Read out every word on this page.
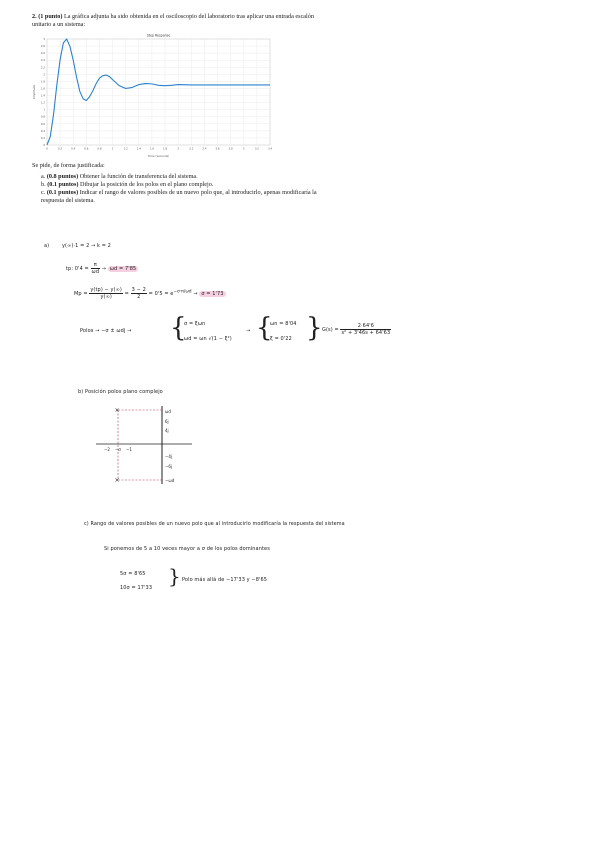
2. (1 punto) La gráfica adjunta ha sido obtenida en el osciloscopio del laboratorio tras aplicar una entrada escalón unitario a un sistema:
0	0.2	0.4	0.6	0.8	1	1.2	1.4	1.6	1.8	2	2.2	2.4	2.6	2.8	3	3.2	3.4
0
0.2
0.4
0.6
0.8
1
1.2
1.4
1.6
1.8
2
2.2
2.4
2.6
2.8
3
Step Response
Time (seconds)
Amplitude
Se pide, de forma justificada:
a. (0.8 puntos) Obtener la función de transferencia del sistema.
b. (0.1 puntos) Dibujar la posición de los polos en el plano complejo.
c. (0.1 puntos) Indicar el rango de valores posibles de un nuevo polo que, al introducirlo, apenas modificaría la respuesta del sistema.
a)	y(∞)·1 = 2 → k = 2
tp: $0'4 = \frac{\pi}{\omega d} \to \omega d = 7'85$
$Mp = \frac{y(tp) - y(\infty)}{y(\infty)} = \frac{3 - 2}{2} = 0'5 = e^{-\sigma\cdot\pi/\omega d} \to \sigma = 1'73$
Polos → −σ ± ωdj → {
σ = ξωn
ωd = ωn √(1 − ξ²)
→ {
ωn = 8'04
ξ = 0'22 } $G(s) = \frac{2\cdot 64'6}{\text{s² + 3'46s + 64'63}}$
b) Posición polos plano complejo
×
×
ωd
6j
4j
−4j
−6j
−ωd
−2 −σ −1
c) Rango de valores posibles de un nuevo polo que al introducirlo modificaría la respuesta del sistema
Si ponemos de 5 a 10 veces mayor a σ de los polos dominantes
5σ = 8'65
10σ = 17'33 } Polo más allá de −17'33 y −8'65
